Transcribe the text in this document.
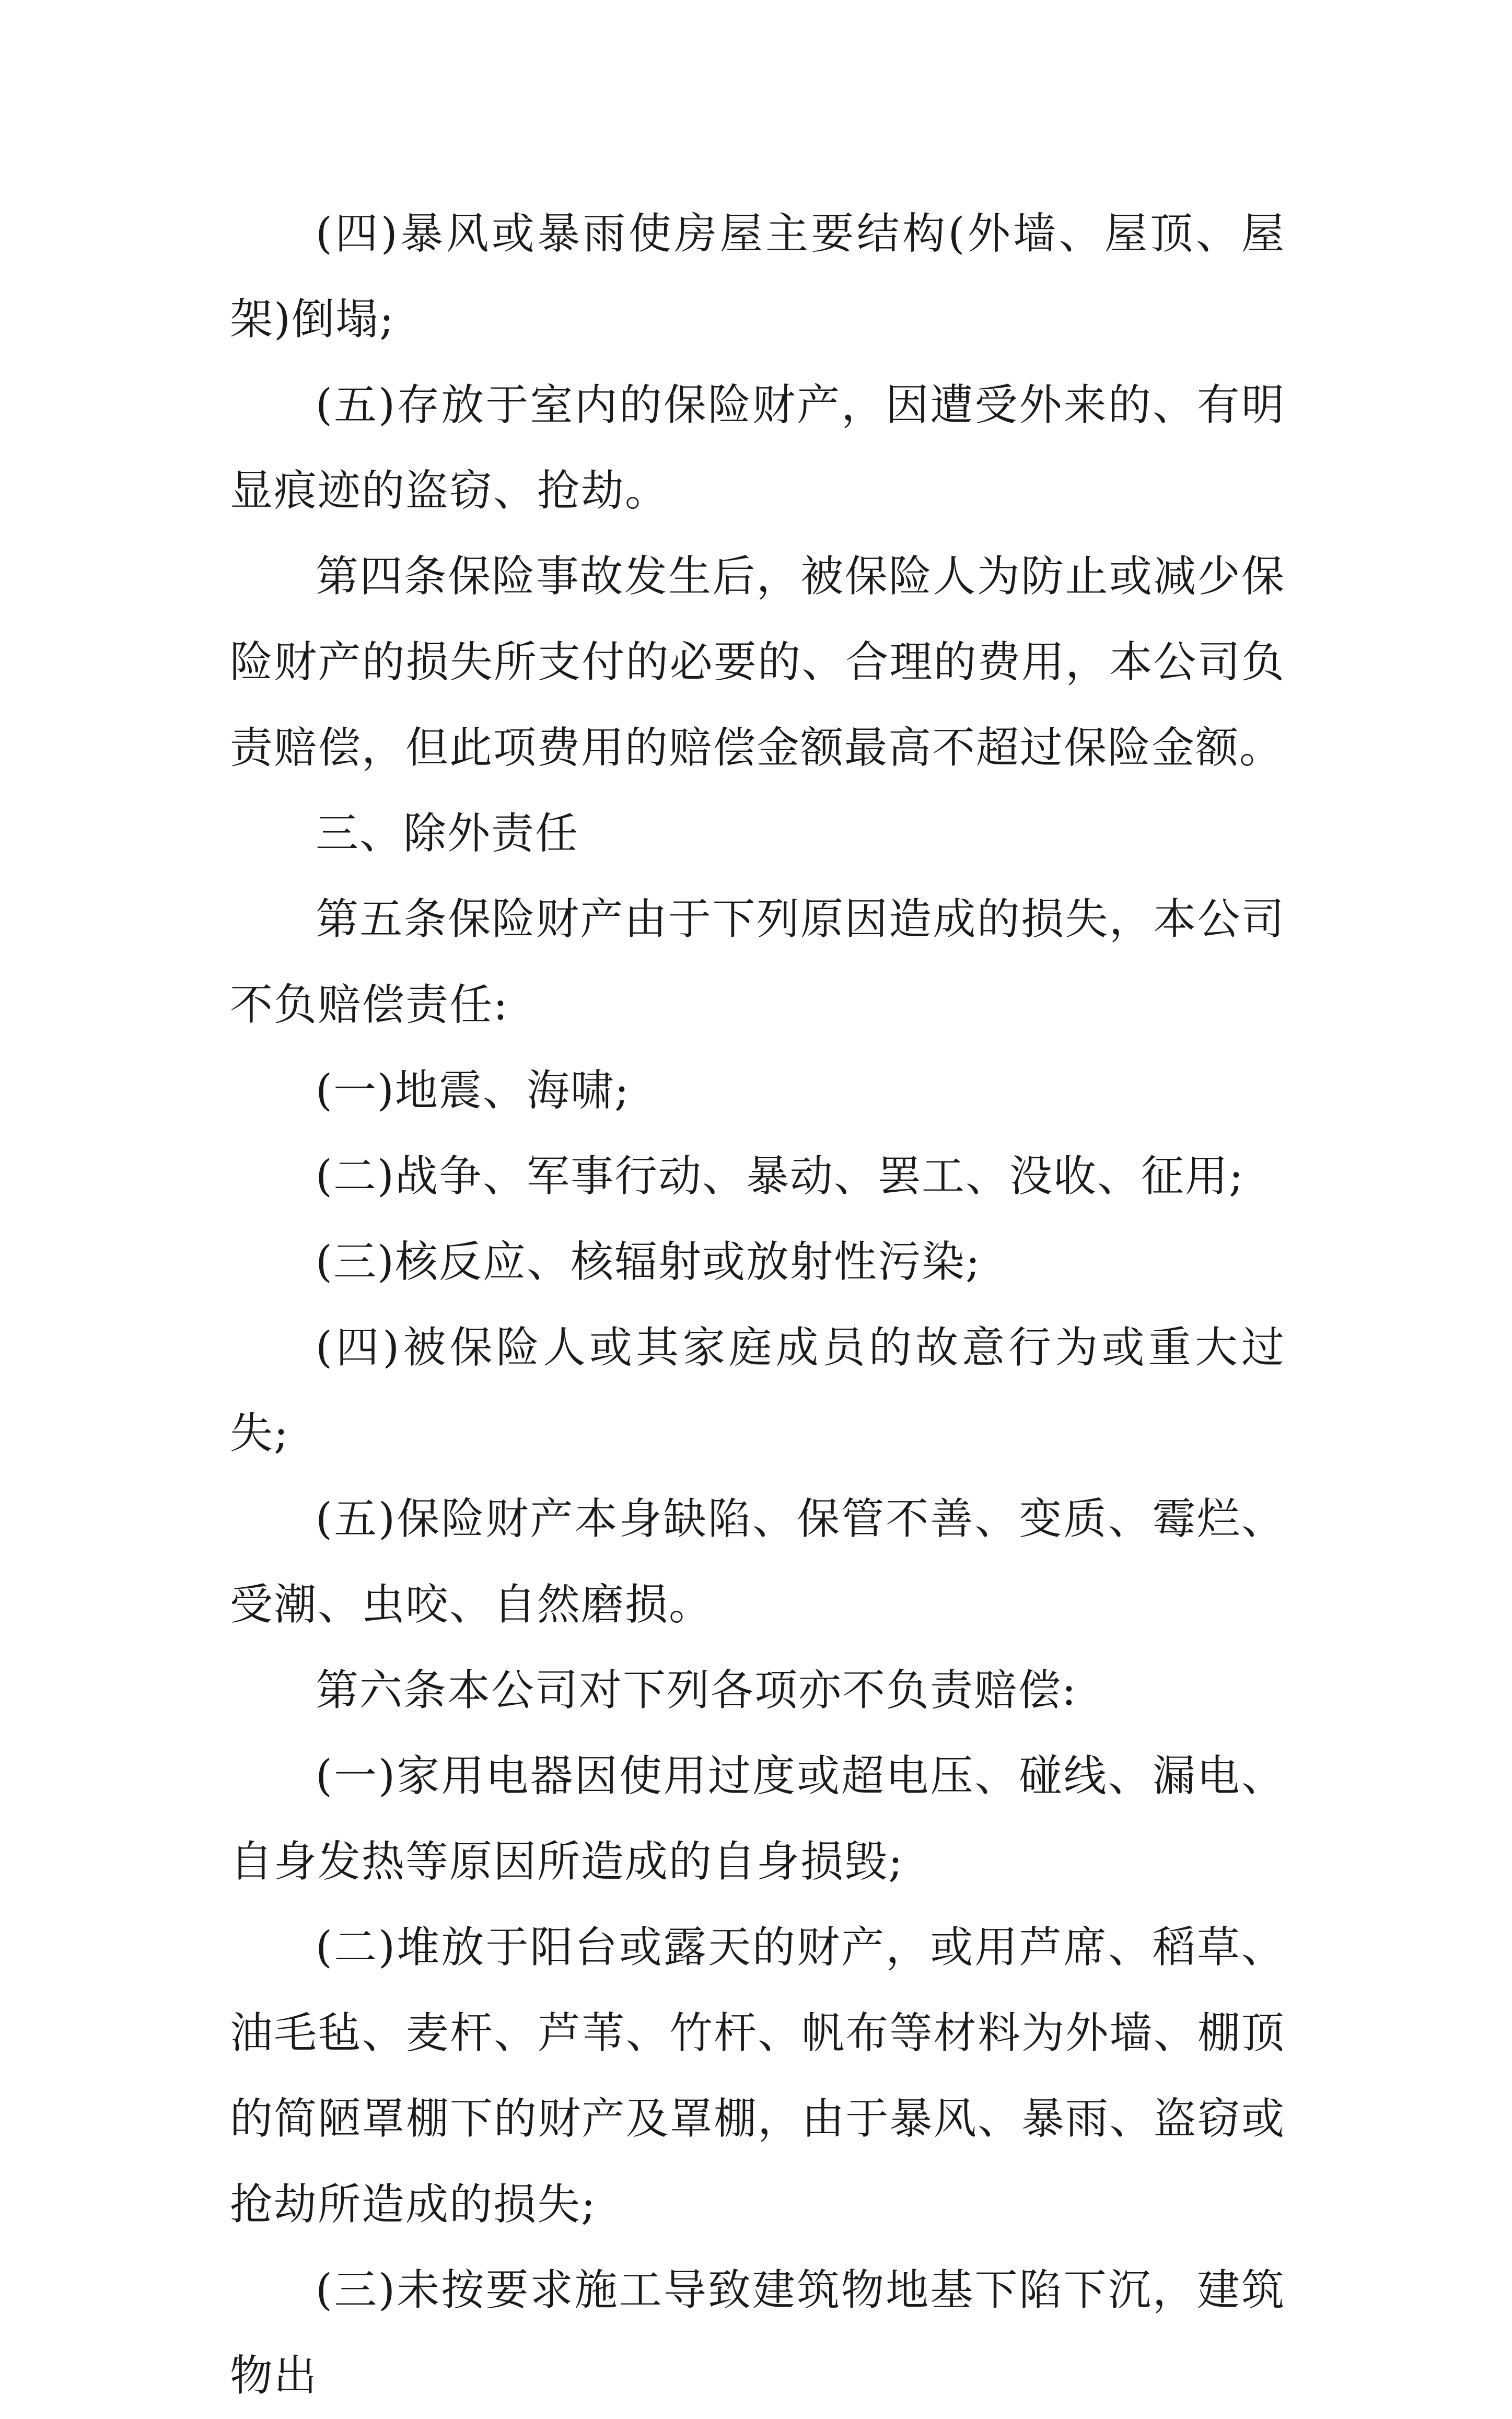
(四)暴风或暴雨使房屋主要结构(外墙、屋顶、屋架)倒塌;

(五)存放于室内的保险财产，因遭受外来的、有明显痕迹的盗窃、抢劫。

第四条保险事故发生后，被保险人为防止或减少保险财产的损失所支付的必要的、合理的费用，本公司负责赔偿，但此项费用的赔偿金额最高不超过保险金额。

三、除外责任

第五条保险财产由于下列原因造成的损失，本公司不负赔偿责任:

(一)地震、海啸;

(二)战争、军事行动、暴动、罢工、没收、征用;

(三)核反应、核辐射或放射性污染;

(四)被保险人或其家庭成员的故意行为或重大过失;

(五)保险财产本身缺陷、保管不善、变质、霉烂、受潮、虫咬、自然磨损。

第六条本公司对下列各项亦不负责赔偿:

(一)家用电器因使用过度或超电压、碰线、漏电、自身发热等原因所造成的自身损毁;

(二)堆放于阳台或露天的财产，或用芦席、稻草、油毛毡、麦杆、芦苇、竹杆、帆布等材料为外墙、棚顶的简陋罩棚下的财产及罩棚，由于暴风、暴雨、盗窃或抢劫所造成的损失;

(三)未按要求施工导致建筑物地基下陷下沉，建筑物出
